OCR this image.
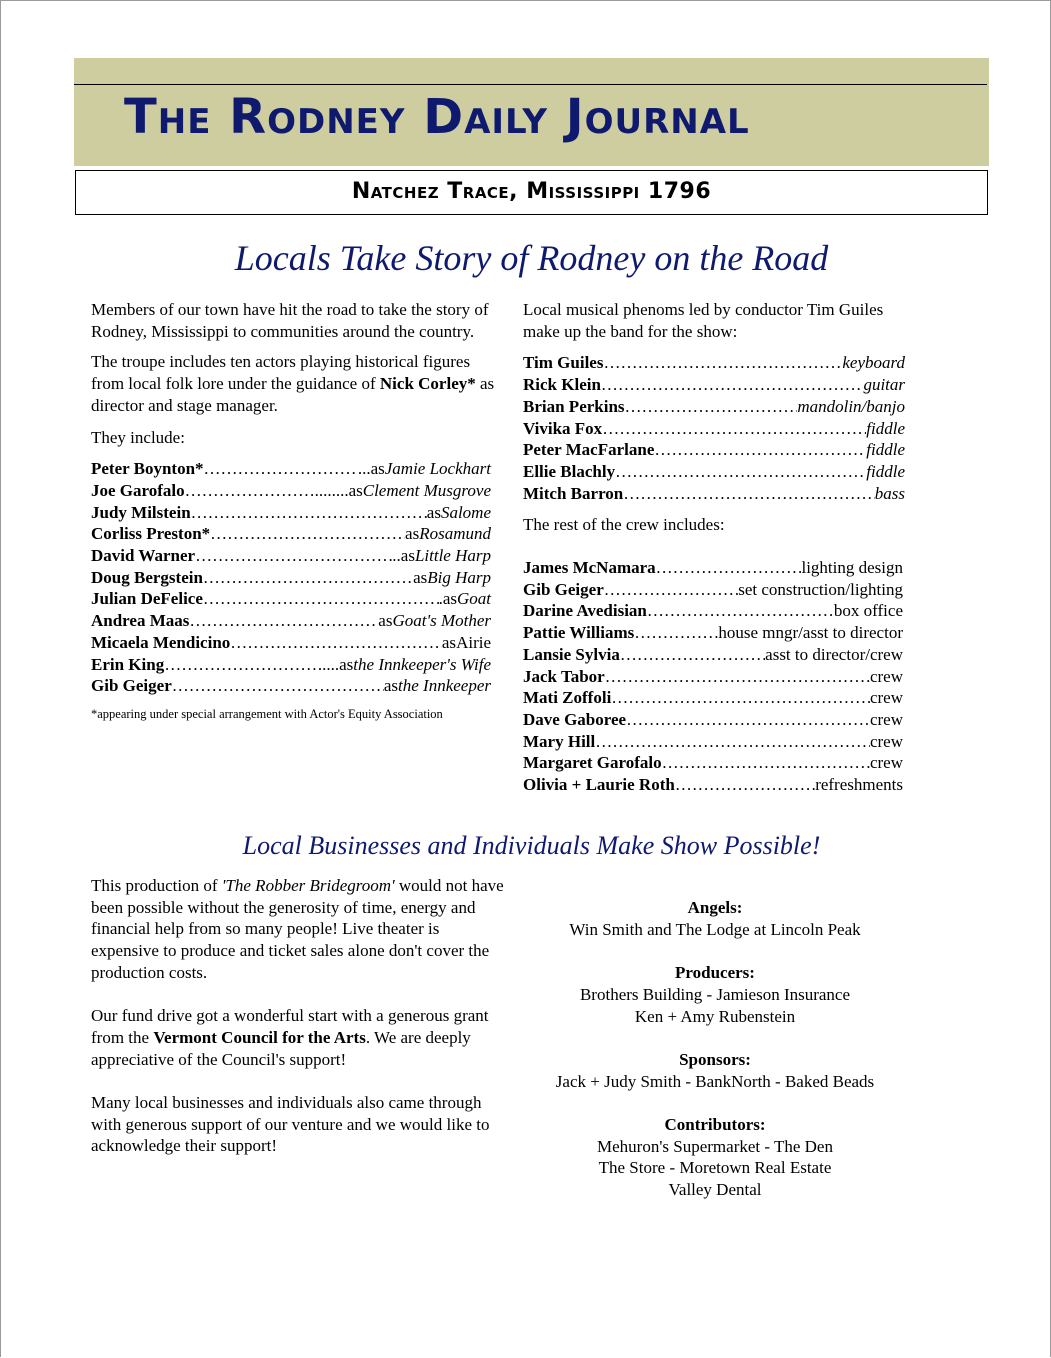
The Rodney Daily Journal
Natchez Trace, Mississippi 1796
Locals Take Story of Rodney on the Road

Members of our town have hit the road to take the story of Rodney, Mississippi to communities around the country.

The troupe includes ten actors playing historical figures from local folk lore under the guidance of Nick Corley* as director and stage manager.

They include:

Peter Boynton* …………………………………………………………………………………………………………………	...as Jamie Lockhart
Joe Garofalo …………………………………………………………………………………………………………………	........as Clement Musgrove
Judy Milstein …………………………………………………………………………………………………………………	as Salome
Corliss Preston* …………………………………………………………………………………………………………………	as Rosamund
David Warner …………………………………………………………………………………………………………………	..as Little Harp
Doug Bergstein …………………………………………………………………………………………………………………	as Big Harp
Julian DeFelice …………………………………………………………………………………………………………………	.as Goat
Andrea Maas …………………………………………………………………………………………………………………	as Goat's Mother
Micaela Mendicino …………………………………………………………………………………………………………………	as Airie
Erin King …………………………………………………………………………………………………………………	.....as the Innkeeper's Wife
Gib Geiger …………………………………………………………………………………………………………………	as the Innkeeper

*appearing under special arrangement with Actor's Equity Association

Local musical phenoms led by conductor Tim Guiles make up the band for the show:

Tim Guiles …………………………………………………………………………………………………………………	keyboard
Rick Klein …………………………………………………………………………………………………………………	guitar
Brian Perkins …………………………………………………………………………………………………………………	mandolin/banjo
Vivika Fox …………………………………………………………………………………………………………………	fiddle
Peter MacFarlane …………………………………………………………………………………………………………………	fiddle
Ellie Blachly …………………………………………………………………………………………………………………	fiddle
Mitch Barron …………………………………………………………………………………………………………………	bass

The rest of the crew includes:

James McNamara …………………………………………………………………………………………………………………	lighting design
Gib Geiger …………………………………………………………………………………………………………………	set construction/lighting
Darine Avedisian …………………………………………………………………………………………………………………	box office
Pattie Williams …………………………………………………………………………………………………………………	house mngr/asst to director
Lansie Sylvia …………………………………………………………………………………………………………………	asst to director/crew
Jack Tabor …………………………………………………………………………………………………………………	crew
Mati Zoffoli …………………………………………………………………………………………………………………	crew
Dave Gaboree …………………………………………………………………………………………………………………	crew
Mary Hill …………………………………………………………………………………………………………………	crew
Margaret Garofalo …………………………………………………………………………………………………………………	crew
Olivia + Laurie Roth …………………………………………………………………………………………………………………	refreshments
Local Businesses and Individuals Make Show Possible!

This production of 'The Robber Bridegroom' would not have been possible without the generosity of time, energy and financial help from so many people! Live theater is expensive to produce and ticket sales alone don't cover the production costs.

Our fund drive got a wonderful start with a generous grant from the Vermont Council for the Arts. We are deeply appreciative of the Council's support!

Many local businesses and individuals also came through with generous support of our venture and we would like to acknowledge their support!

Angels:
Win Smith and The Lodge at Lincoln Peak
Producers:
Brothers Building - Jamieson Insurance
Ken + Amy Rubenstein
Sponsors:
Jack + Judy Smith - BankNorth - Baked Beads
Contributors:
Mehuron's Supermarket - The Den
The Store - Moretown Real Estate
Valley Dental
